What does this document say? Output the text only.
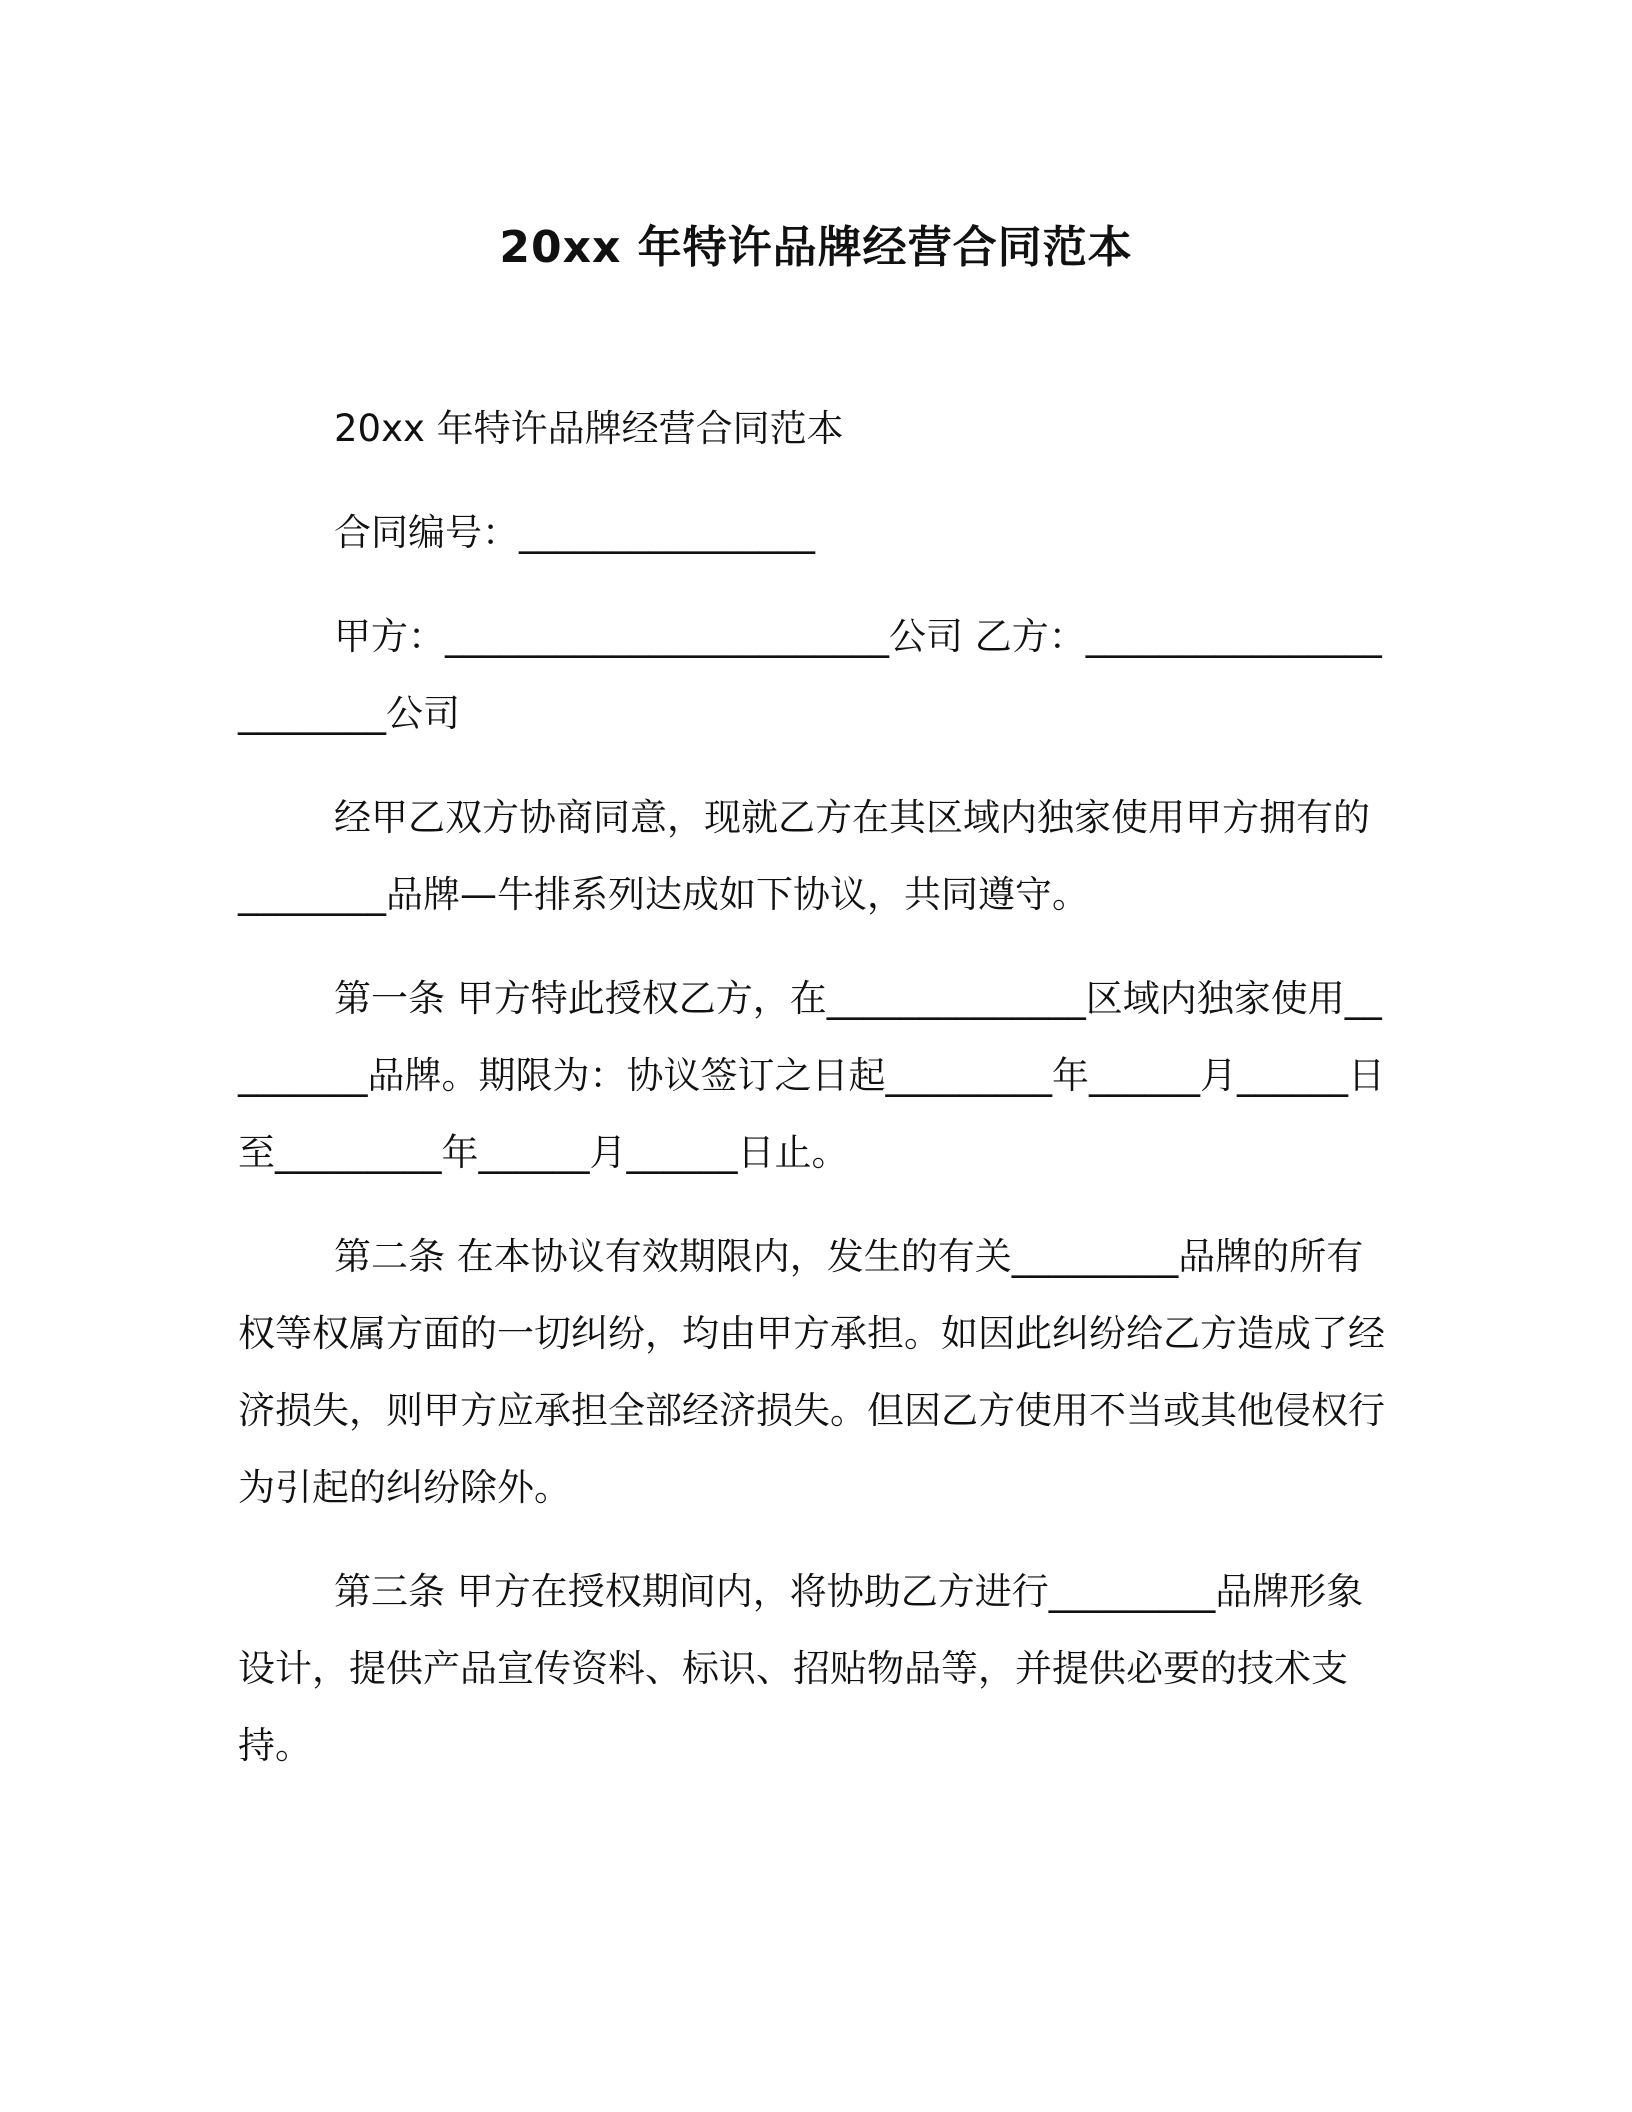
20xx 年特许品牌经营合同范本

20xx 年特许品牌经营合同范本

合同编号：________________

甲方：________________________公司 乙方：________________________公司

经甲乙双方协商同意，现就乙方在其区域内独家使用甲方拥有的________品牌—牛排系列达成如下协议，共同遵守。

第一条 甲方特此授权乙方，在______________区域内独家使用_________品牌。期限为：协议签订之日起_________年______月______日至_________年______月______日止。

第二条 在本协议有效期限内，发生的有关_________品牌的所有权等权属方面的一切纠纷，均由甲方承担。如因此纠纷给乙方造成了经济损失，则甲方应承担全部经济损失。但因乙方使用不当或其他侵权行为引起的纠纷除外。

第三条 甲方在授权期间内，将协助乙方进行_________品牌形象设计，提供产品宣传资料、标识、招贴物品等，并提供必要的技术支持。
